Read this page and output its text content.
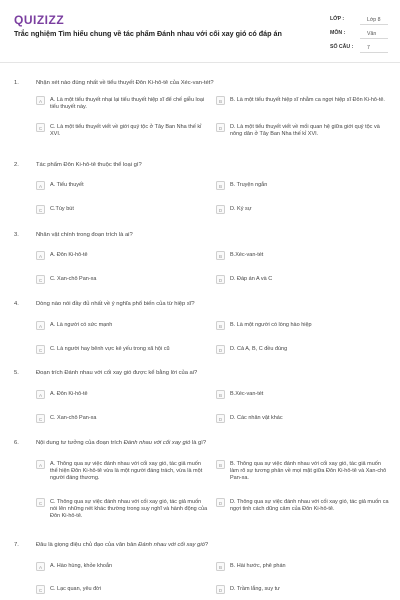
QUIZIZZ
Trắc nghiệm Tìm hiểu chung về tác phẩm Đánh nhau với cối xay gió có đáp án
LỚP :	Lớp 8
MÔN :	Văn
SỐ CÂU :	7
1.	Nhận xét nào đúng nhất về tiểu thuyết Đôn Ki-hô-tê của Xéc-van-tét?
A	A. Là một tiểu thuyết nhại lại tiểu thuyết hiệp sĩ để chế giễu loại tiểu thuyết này.
B	B. Là một tiểu thuyết hiệp sĩ nhằm ca ngợi hiệp sĩ Đôn Ki-hô-tê.
C	C. Là một tiểu thuyết viết về giới quý tộc ở Tây Ban Nha thế kỉ XVI.
D	D. Là một tiểu thuyết viết về mối quan hệ giữa giới quý tộc và nông dân ở Tây Ban Nha thế kỉ XVI.
2.	Tác phẩm Đôn Ki-hô-tê thuộc thể loại gì?
A	A. Tiểu thuyết	B	B. Truyện ngắn
C	C.Tùy bút	D	D. Ký sự
3.	Nhân vật chính trong đoạn trích là ai?
A	A. Đôn Ki-hô-tê	B	B.Xéc-van-tét
C	C. Xan-chô Pan-xa	D	D. Đáp án A và C
4.	Dòng nào nói đầy đủ nhất về ý nghĩa phổ biến của từ hiệp sĩ?
A	A. Là người có sức mạnh	B	B. Là một người có lòng hào hiệp
C	C. Là người hay bênh vực kẻ yếu trong xã hội cũ	D	D. Cả A, B, C đều đúng
5.	Đoạn trích Đánh nhau với cối xay gió được kể bằng lời của ai?
A	A. Đôn Ki-hô-tê	B	B.Xéc-van-tét
C	C. Xan-chô Pan-xa	D	D. Các nhân vật khác
6.	Nội dung tư tưởng của đoạn trích Đánh nhau với cối xay gió là gì?
A	A. Thông qua sự việc đánh nhau với cối xay gió, tác giả muốn thể hiện Đôn Ki-hô-tê vừa là một người đáng trách, vừa là một người đáng thương.
B	B. Thông qua sự việc đánh nhau với cối xay gió, tác giả muốn làm rõ sự tương phản về mọi mặt giữa Đôn Ki-hô-tê và Xan-chô Pan-xa.
C	C. Thông qua sự việc đánh nhau với cối xay gió, tác giả muốn nói lên những nét khác thường trong suy nghĩ và hành động của Đôn Ki-hô-tê.
D	D. Thông qua sự việc đánh nhau với cối xay gió, tác giả muốn ca ngợi tinh cách dũng cảm của Đôn Ki-hô-tê.
7.	Đâu là giọng điệu chủ đạo của văn bản Đánh nhau với cối xay gió?
A	A. Hào hùng, khỏe khoắn	B	B. Hài hước, phê phán
C	C. Lạc quan, yêu đời	D	D. Trầm lắng, suy tư
